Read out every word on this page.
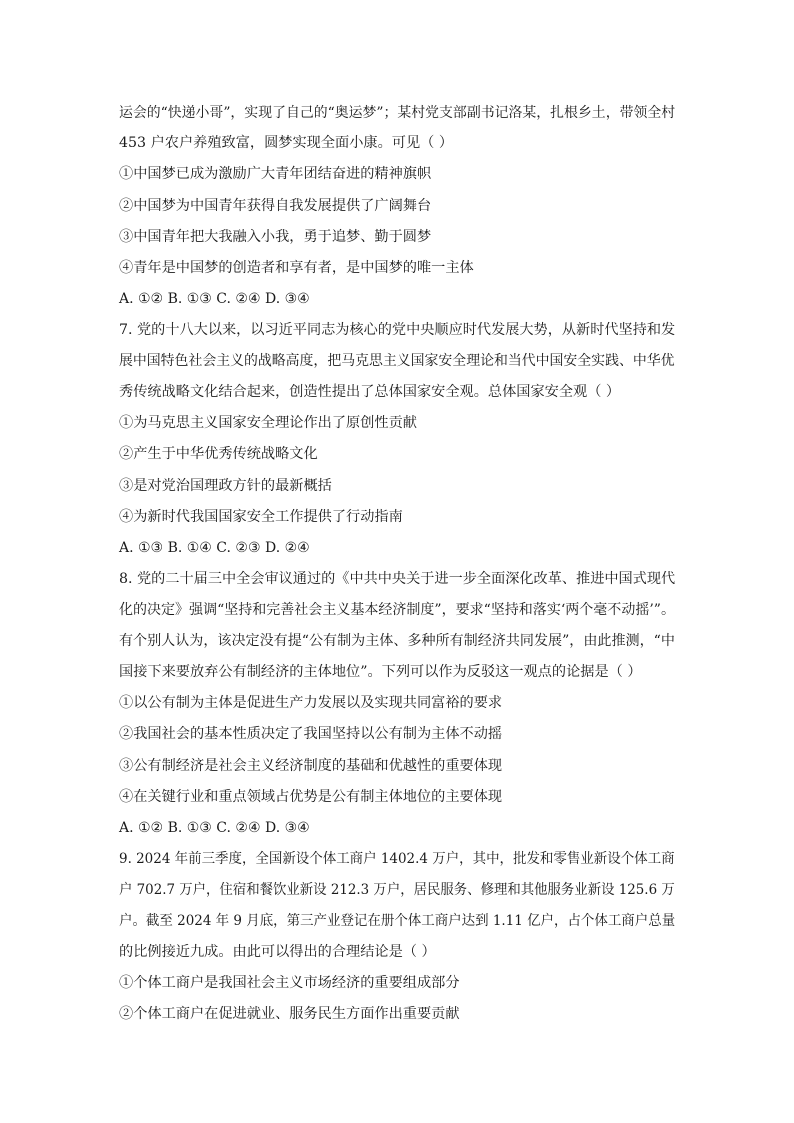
运会的“快递小哥”，实现了自己的“奥运梦”；某村党支部副书记洛某，扎根乡土，带领全村
453 户农户养殖致富，圆梦实现全面小康。可见（ ）
①中国梦已成为激励广大青年团结奋进的精神旗帜
②中国梦为中国青年获得自我发展提供了广阔舞台
③中国青年把大我融入小我，勇于追梦、勤于圆梦
④青年是中国梦的创造者和享有者，是中国梦的唯一主体
A. ①② B. ①③ C. ②④ D. ③④
7. 党的十八大以来，以习近平同志为核心的党中央顺应时代发展大势，从新时代坚持和发
展中国特色社会主义的战略高度，把马克思主义国家安全理论和当代中国安全实践、中华优
秀传统战略文化结合起来，创造性提出了总体国家安全观。总体国家安全观（ ）
①为马克思主义国家安全理论作出了原创性贡献
②产生于中华优秀传统战略文化
③是对党治国理政方针的最新概括
④为新时代我国国家安全工作提供了行动指南
A. ①③ B. ①④ C. ②③ D. ②④
8. 党的二十届三中全会审议通过的《中共中央关于进一步全面深化改革、推进中国式现代
化的决定》强调“坚持和完善社会主义基本经济制度”，要求“坚持和落实‘两个毫不动摇’”。
有个别人认为，该决定没有提“公有制为主体、多种所有制经济共同发展”，由此推测，“中
国接下来要放弃公有制经济的主体地位”。下列可以作为反驳这一观点的论据是（ ）
①以公有制为主体是促进生产力发展以及实现共同富裕的要求
②我国社会的基本性质决定了我国坚持以公有制为主体不动摇
③公有制经济是社会主义经济制度的基础和优越性的重要体现
④在关键行业和重点领域占优势是公有制主体地位的主要体现
A. ①② B. ①③ C. ②④ D. ③④
9. 2024 年前三季度，全国新设个体工商户 1402.4 万户，其中，批发和零售业新设个体工商
户 702.7 万户，住宿和餐饮业新设 212.3 万户，居民服务、修理和其他服务业新设 125.6 万
户。截至 2024 年 9 月底，第三产业登记在册个体工商户达到 1.11 亿户，占个体工商户总量
的比例接近九成。由此可以得出的合理结论是（ ）
①个体工商户是我国社会主义市场经济的重要组成部分
②个体工商户在促进就业、服务民生方面作出重要贡献
